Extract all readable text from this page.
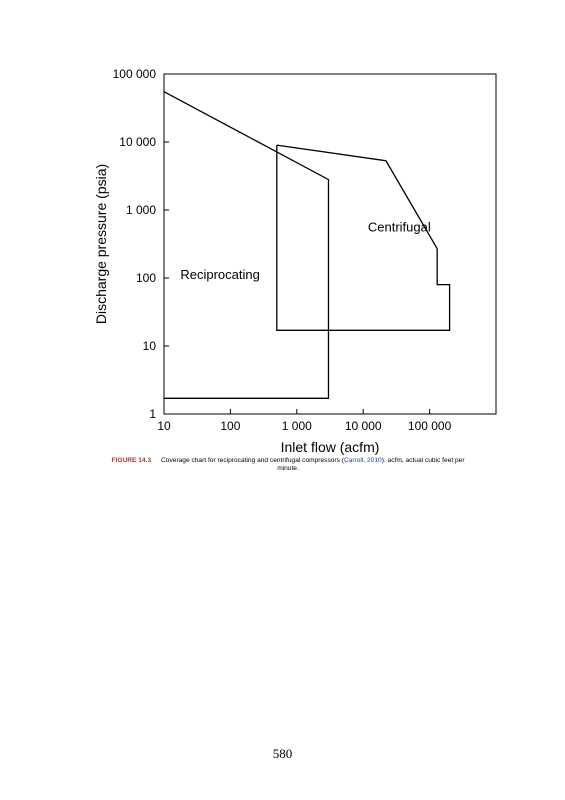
10	100	1 000	10 000 100 000
1
10
100
1 000
10 000
100 000
Centrifugal
Reciprocating
Inlet flow (acfm)
Discharge pressure (psia)
FIGURE 14.3 Coverage chart for reciprocating and centrifugal compressors (Carroll, 2010). acfm, actual cubic feet per minute.
580
